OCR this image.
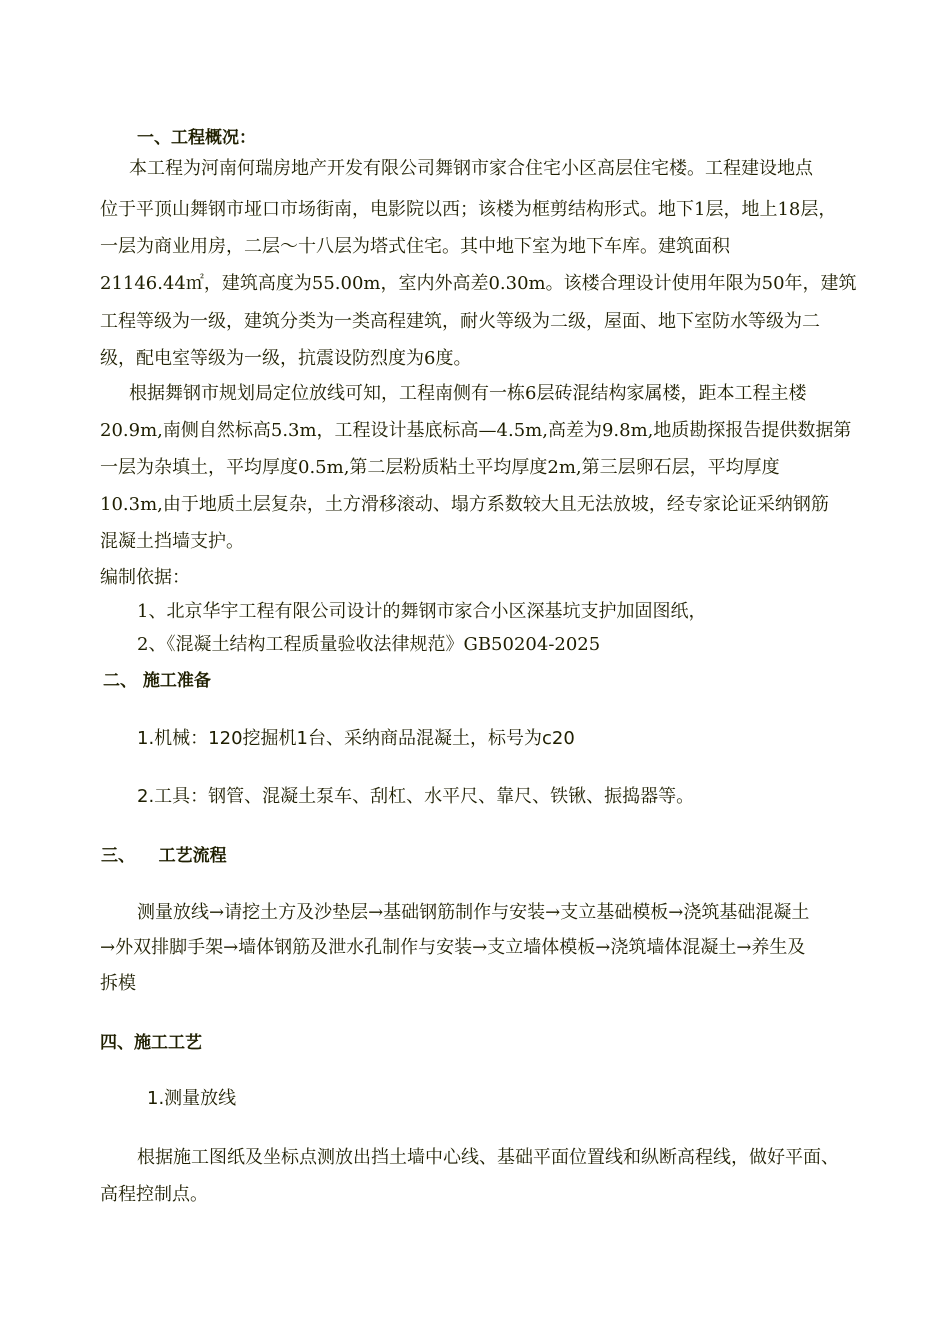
一、工程概况：
本工程为河南何瑞房地产开发有限公司舞钢市家合住宅小区高层住宅楼。工程建设地点
位于平顶山舞钢市垭口市场街南，电影院以西；该楼为框剪结构形式。地下1层，地上18层，
一层为商业用房，二层～十八层为塔式住宅。其中地下室为地下车库。建筑面积
21146.44㎡，建筑高度为55.00m，室内外高差0.30m。该楼合理设计使用年限为50年，建筑
工程等级为一级，建筑分类为一类高程建筑，耐火等级为二级，屋面、地下室防水等级为二
级，配电室等级为一级，抗震设防烈度为6度。
根据舞钢市规划局定位放线可知，工程南侧有一栋6层砖混结构家属楼，距本工程主楼
20.9m,南侧自然标高5.3m，工程设计基底标高—4.5m,高差为9.8m,地质勘探报告提供数据第
一层为杂填土，平均厚度0.5m,第二层粉质粘土平均厚度2m,第三层卵石层，平均厚度
10.3m,由于地质土层复杂，土方滑移滚动、塌方系数较大且无法放坡，经专家论证采纳钢筋
混凝土挡墙支护。
编制依据：
1、北京华宇工程有限公司设计的舞钢市家合小区深基坑支护加固图纸，
2、《混凝土结构工程质量验收法律规范》GB50204-2025
二、 施工准备
1.机械：120挖掘机1台、采纳商品混凝土，标号为c20
2.工具：钢管、混凝土泵车、刮杠、水平尺、靠尺、铁锹、振捣器等。
三、    工艺流程
测量放线→请挖土方及沙垫层→基础钢筋制作与安装→支立基础模板→浇筑基础混凝土
→外双排脚手架→墙体钢筋及泄水孔制作与安装→支立墙体模板→浇筑墙体混凝土→养生及
拆模
四、施工工艺
1.测量放线
根据施工图纸及坐标点测放出挡土墙中心线、基础平面位置线和纵断高程线，做好平面、
高程控制点。
